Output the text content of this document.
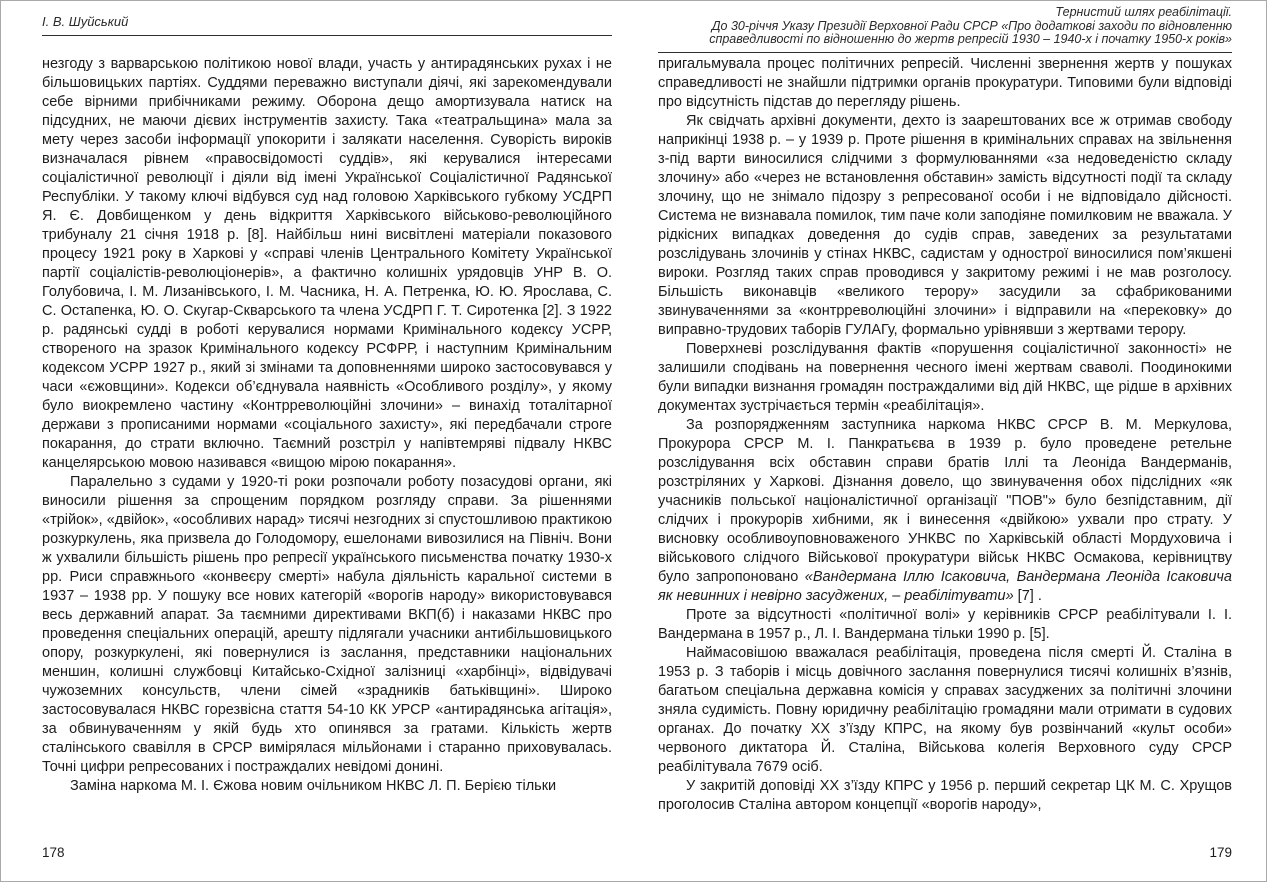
І. В. Шуйський

незгоду з варварською політикою нової влади, участь у антирадянських рухах і не більшовицьких партіях. Суддями переважно виступали діячі, які зарекомендували себе вірними прибічниками режиму. Оборона дещо амортизувала натиск на підсудних, не маючи дієвих інструментів захисту. Така «театральщина» мала за мету через засоби інформації упокорити і залякати населення. Суворість вироків визначалася рівнем «правосвідомості суддів», які керувалися інтересами соціалістичної революції і діяли від імені Української Соціалістичної Радянської Республіки. У такому ключі відбувся суд над головою Харківського губкому УСДРП Я. Є. Довбищенком у день відкриття Харківського військово-революційного трибуналу 21 січня 1918 р. [8]. Найбільш нині висвітлені матеріали показового процесу 1921 року в Харкові у «справі членів Центрального Комітету Української партії соціалістів-революціонерів», а фактично колишніх урядовців УНР В. О. Голубовича, І. М. Лизанівського, І. М. Часника, Н. А. Петренка, Ю. Ю. Ярослава, С. С. Остапенка, Ю. О. Скугар-Скварського та члена УСДРП Г. Т. Сиротенка [2]. З 1922 р. радянські судді в роботі керувалися нормами Кримінального кодексу УСРР, створеного на зразок Кримінального кодексу РСФРР, і наступним Кримінальним кодексом УСРР 1927 р., який зі змінами та доповненнями широко застосовувався у часи «єжовщини». Кодекси об’єднувала наявність «Особливого розділу», у якому було виокремлено частину «Контрреволюційні злочини» – винахід тоталітарної держави з прописаними нормами «соціального захисту», які передбачали строге покарання, до страти включно. Таємний розстріл у напівтемряві підвалу НКВС канцелярською мовою називався «вищою мірою покарання».

Паралельно з судами у 1920-ті роки розпочали роботу позасудові органи, які виносили рішення за спрощеним порядком розгляду справи. За рішеннями «трійок», «двійок», «особливих нарад» тисячі незгодних зі спустошливою практикою розкуркулень, яка призвела до Голодомору, ешелонами вивозилися на Північ. Вони ж ухвалили більшість рішень про репресії українського письменства початку 1930-х рр. Риси справжнього «конвеєру смерті» набула діяльність каральної системи в 1937 – 1938 рр. У пошуку все нових категорій «ворогів народу» використовувався весь державний апарат. За таємними директивами ВКП(б) і наказами НКВС про проведення спеціальних операцій, арешту підлягали учасники антибільшовицького опору, розкуркулені, які повернулися із заслання, представники національних меншин, колишні службовці Китайсько-Східної залізниці «харбінці», відвідувачі чужоземних консульств, члени сімей «зрадників батьківщині». Широко застосовувалася НКВС горезвісна стаття 54-10 КК УРСР «антирадянська агітація», за обвинуваченням у якій будь хто опинявся за гратами. Кількість жертв сталінського свавілля в СРСР вимірялася мільйонами і старанно приховувалась. Точні цифри репресованих і постраждалих невідомі донині.

Заміна наркома М. І. Єжова новим очільником НКВС Л. П. Берією тільки

178
Тернистий шлях реабілітації.
До 30-річчя Указу Президії Верховної Ради СРСР «Про додаткові заходи по відновленню
справедливості по відношенню до жертв репресій 1930 – 1940-х і початку 1950-х років»

пригальмувала процес політичних репресій. Численні звернення жертв у пошуках справедливості не знайшли підтримки органів прокуратури. Типовими були відповіді про відсутність підстав до перегляду рішень.

Як свідчать архівні документи, дехто із заарештованих все ж отримав свободу наприкінці 1938 р. – у 1939 р. Проте рішення в кримінальних справах на звільнення з-під варти виносилися слідчими з формулюваннями «за недоведеністю складу злочину» або «через не встановлення обставин» замість відсутності події та складу злочину, що не знімало підозру з репресованої особи і не відповідало дійсності. Система не визнавала помилок, тим паче коли заподіяне помилковим не вважала. У рідкісних випадках доведення до судів справ, заведених за результатами розслідувань злочинів у стінах НКВС, садистам у однострої виносилися пом’якшені вироки. Розгляд таких справ проводився у закритому режимі і не мав розголосу. Більшість виконавців «великого терору» засудили за сфабрикованими звинуваченнями за «контрреволюційні злочини» і відправили на «перековку» до виправно-трудових таборів ГУЛАГу, формально урівнявши з жертвами терору.

Поверхневі розслідування фактів «порушення соціалістичної законності» не залишили сподівань на повернення чесного імені жертвам сваволі. Поодинокими були випадки визнання громадян постраждалими від дій НКВС, ще рідше в архівних документах зустрічається термін «реабілітація».

За розпорядженням заступника наркома НКВС СРСР В. М. Меркулова, Прокурора СРСР М. І. Панкратьєва в 1939 р. було проведене ретельне розслідування всіх обставин справи братів Іллі та Леоніда Вандерманів, розстріляних у Харкові. Дізнання довело, що звинувачення обох підслідних «як учасників польської націоналістичної організації "ПОВ"» було безпідставним, дії слідчих і прокурорів хибними, як і винесення «двійкою» ухвали про страту. У висновку особливоуповноваженого УНКВС по Харківській області Мордуховича і військового слідчого Військової прокуратури військ НКВС Осмакова, керівництву було запропоновано «Вандермана Іллю Ісаковича, Вандермана Леоніда Ісаковича як невинних і невірно засуджених, – реабілітувати» [7] .

Проте за відсутності «політичної волі» у керівників СРСР реабілітували І. І. Вандермана в 1957 р., Л. І. Вандермана тільки 1990 р. [5].

Наймасовішою вважалася реабілітація, проведена після смерті Й. Сталіна в 1953 р. З таборів і місць довічного заслання повернулися тисячі колишніх в’язнів, багатьом спеціальна державна комісія у справах засуджених за політичні злочини зняла судимість. Повну юридичну реабілітацію громадяни мали отримати в судових органах. До початку ХХ з’їзду КПРС, на якому був розвінчаний «культ особи» червоного диктатора Й. Сталіна, Військова колегія Верховного суду СРСР реабілітувала 7679 осіб.

У закритій доповіді ХХ з’їзду КПРС у 1956 р. перший секретар ЦК М. С. Хрущов проголосив Сталіна автором концепції «ворогів народу»,

179
